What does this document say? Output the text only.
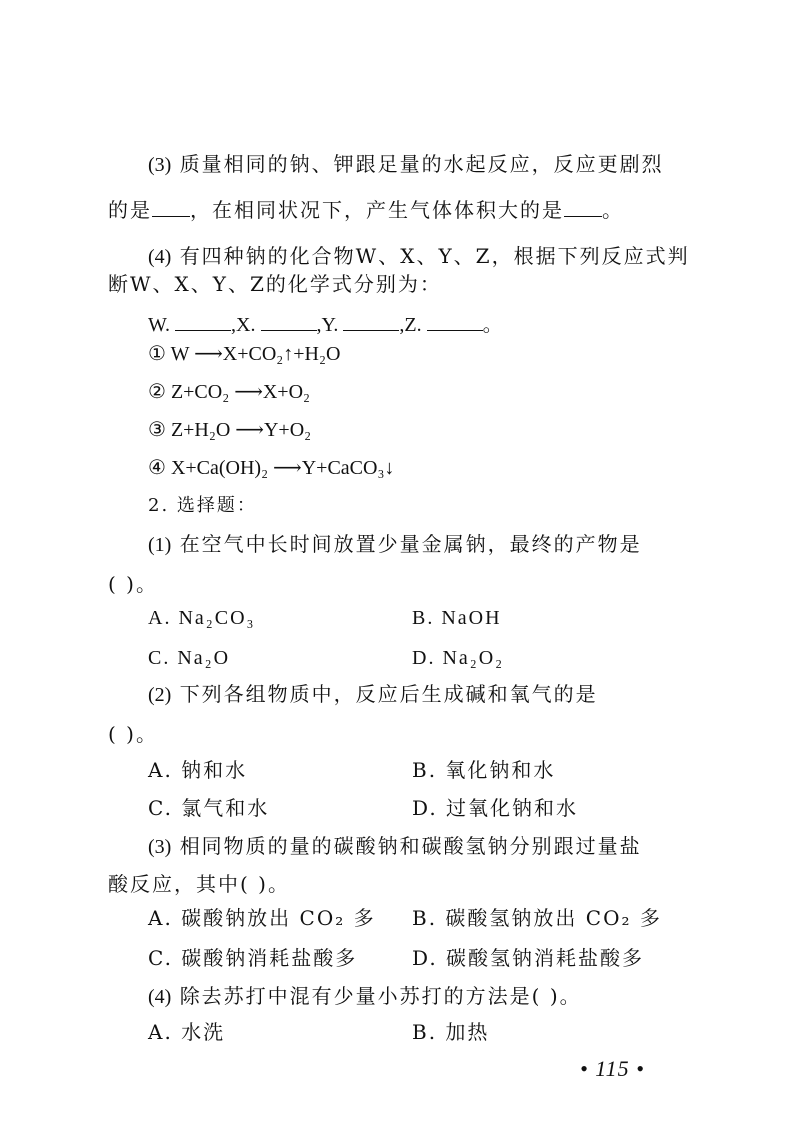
(3) 质量相同的钠、钾跟足量的水起反应，反应更剧烈
的是 ，在相同状况下，产生气体体积大的是 。
(4) 有四种钠的化合物W、X、Y、Z，根据下列反应式判
断W、X、Y、Z的化学式分别为：
W.	,X.	,Y.	,Z.	。
① W ⟶X+CO₂↑+H₂O
② Z+CO₂ ⟶X+O₂
③ Z+H₂O ⟶Y+O₂
④ X+Ca(OH)₂ ⟶Y+CaCO₃↓
2. 选择题：
(1) 在空气中长时间放置少量金属钠，最终的产物是
( )。
A. Na₂CO₃	B. NaOH
C. Na₂O	D. Na₂O₂
(2) 下列各组物质中，反应后生成碱和氧气的是
( )。
A. 钠和水	B. 氧化钠和水
C. 氯气和水	D. 过氧化钠和水
(3) 相同物质的量的碳酸钠和碳酸氢钠分别跟过量盐
酸反应，其中( )。
A. 碳酸钠放出 CO₂ 多 B. 碳酸氢钠放出 CO₂ 多
C. 碳酸钠消耗盐酸多	D. 碳酸氢钠消耗盐酸多
(4) 除去苏打中混有少量小苏打的方法是( )。
A. 水洗	B. 加热
• 115 •
